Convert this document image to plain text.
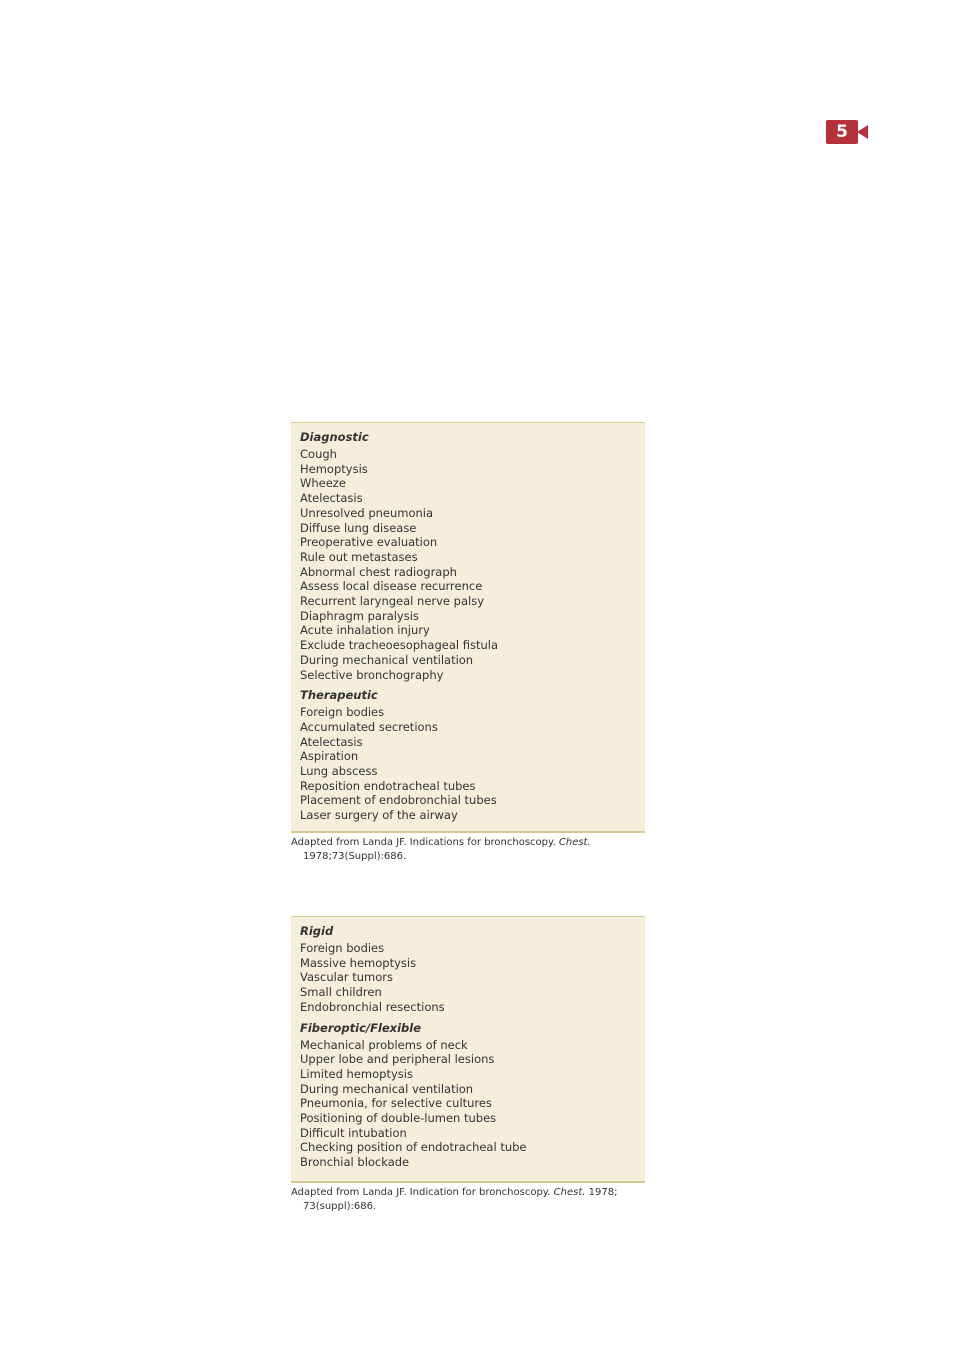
5
Diagnostic
Cough
Hemoptysis
Wheeze
Atelectasis
Unresolved pneumonia
Diffuse lung disease
Preoperative evaluation
Rule out metastases
Abnormal chest radiograph
Assess local disease recurrence
Recurrent laryngeal nerve palsy
Diaphragm paralysis
Acute inhalation injury
Exclude tracheoesophageal fistula
During mechanical ventilation
Selective bronchography
Therapeutic
Foreign bodies
Accumulated secretions
Atelectasis
Aspiration
Lung abscess
Reposition endotracheal tubes
Placement of endobronchial tubes
Laser surgery of the airway
Adapted from Landa JF. Indications for bronchoscopy. Chest.
1978;73(Suppl):686.
Rigid
Foreign bodies
Massive hemoptysis
Vascular tumors
Small children
Endobronchial resections
Fiberoptic/Flexible
Mechanical problems of neck
Upper lobe and peripheral lesions
Limited hemoptysis
During mechanical ventilation
Pneumonia, for selective cultures
Positioning of double-lumen tubes
Difficult intubation
Checking position of endotracheal tube
Bronchial blockade
Adapted from Landa JF. Indication for bronchoscopy. Chest. 1978;
73(suppl):686.
